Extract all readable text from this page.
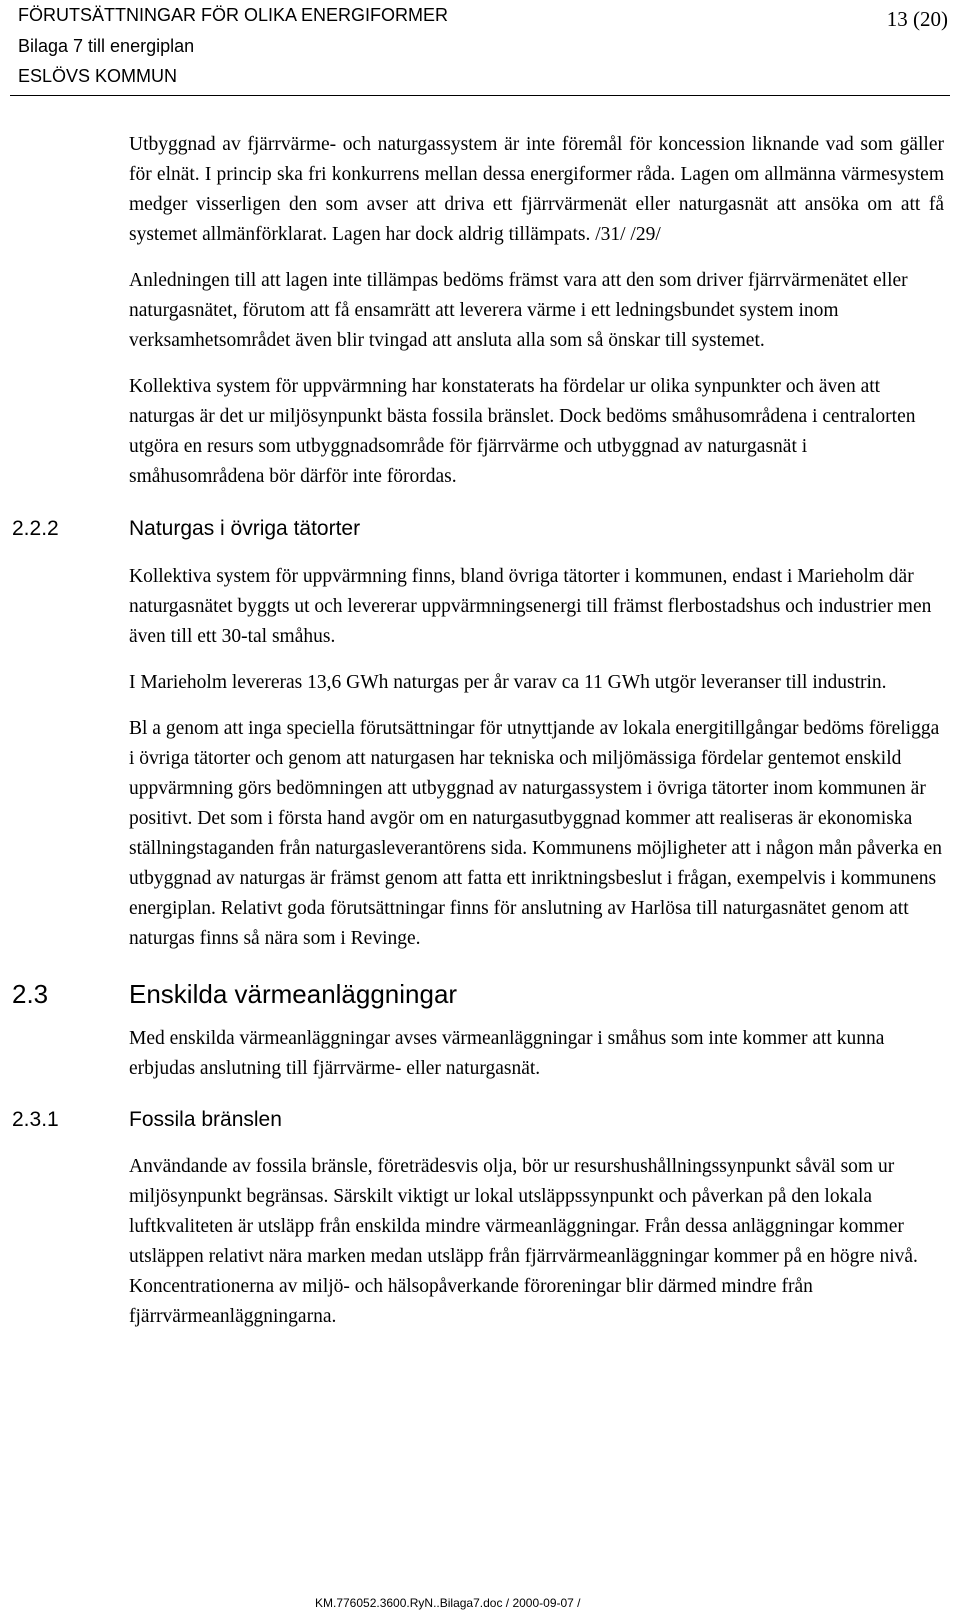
FÖRUTSÄTTNINGAR FÖR OLIKA ENERGIFORMER
Bilaga 7 till energiplan
ESLÖVS KOMMUN
13 (20)

Utbyggnad av fjärrvärme- och naturgassystem är inte föremål för koncession liknande vad som gäller för elnät. I princip ska fri konkurrens mellan dessa energiformer råda. Lagen om allmänna värmesystem medger visserligen den som avser att driva ett fjärrvärmenät eller naturgasnät att ansöka om att få systemet allmänförklarat. Lagen har dock aldrig tillämpats. /31/ /29/

Anledningen till att lagen inte tillämpas bedöms främst vara att den som driver fjärrvärmenätet eller naturgasnätet, förutom att få ensamrätt att leverera värme i ett ledningsbundet system inom verksamhetsområdet även blir tvingad att ansluta alla som så önskar till systemet.

Kollektiva system för uppvärmning har konstaterats ha fördelar ur olika synpunkter och även att naturgas är det ur miljösynpunkt bästa fossila bränslet. Dock bedöms småhusområdena i centralorten utgöra en resurs som utbyggnadsområde för fjärrvärme och utbyggnad av naturgasnät i småhusområdena bör därför inte förordas.

2.2.2	Naturgas i övriga tätorter

Kollektiva system för uppvärmning finns, bland övriga tätorter i kommunen, endast i Marieholm där naturgasnätet byggts ut och levererar uppvärmningsenergi till främst flerbostadshus och industrier men även till ett 30-tal småhus.

I Marieholm levereras 13,6 GWh naturgas per år varav ca 11 GWh utgör leveranser till industrin.

Bl a genom att inga speciella förutsättningar för utnyttjande av lokala energitillgångar bedöms föreligga i övriga tätorter och genom att naturgasen har tekniska och miljömässiga fördelar gentemot enskild uppvärmning görs bedömningen att utbyggnad av naturgassystem i övriga tätorter inom kommunen är positivt. Det som i första hand avgör om en naturgasutbyggnad kommer att realiseras är ekonomiska ställningstaganden från naturgasleverantörens sida. Kommunens möjligheter att i någon mån påverka en utbyggnad av naturgas är främst genom att fatta ett inriktningsbeslut i frågan, exempelvis i kommunens energiplan. Relativt goda förutsättningar finns för anslutning av Harlösa till naturgasnätet genom att naturgas finns så nära som i Revinge.

2.3	Enskilda värmeanläggningar

Med enskilda värmeanläggningar avses värmeanläggningar i småhus som inte kommer att kunna erbjudas anslutning till fjärrvärme- eller naturgasnät.

2.3.1	Fossila bränslen

Användande av fossila bränsle, företrädesvis olja, bör ur resurshushållningssynpunkt såväl som ur miljösynpunkt begränsas. Särskilt viktigt ur lokal utsläppssynpunkt och påverkan på den lokala luftkvaliteten är utsläpp från enskilda mindre värmeanläggningar. Från dessa anläggningar kommer utsläppen relativt nära marken medan utsläpp från fjärrvärmeanläggningar kommer på en högre nivå. Koncentrationerna av miljö- och hälsopåverkande föroreningar blir därmed mindre från fjärrvärmeanläggningarna.

KM.776052.3600.RyN..Bilaga7.doc / 2000-09-07 /
